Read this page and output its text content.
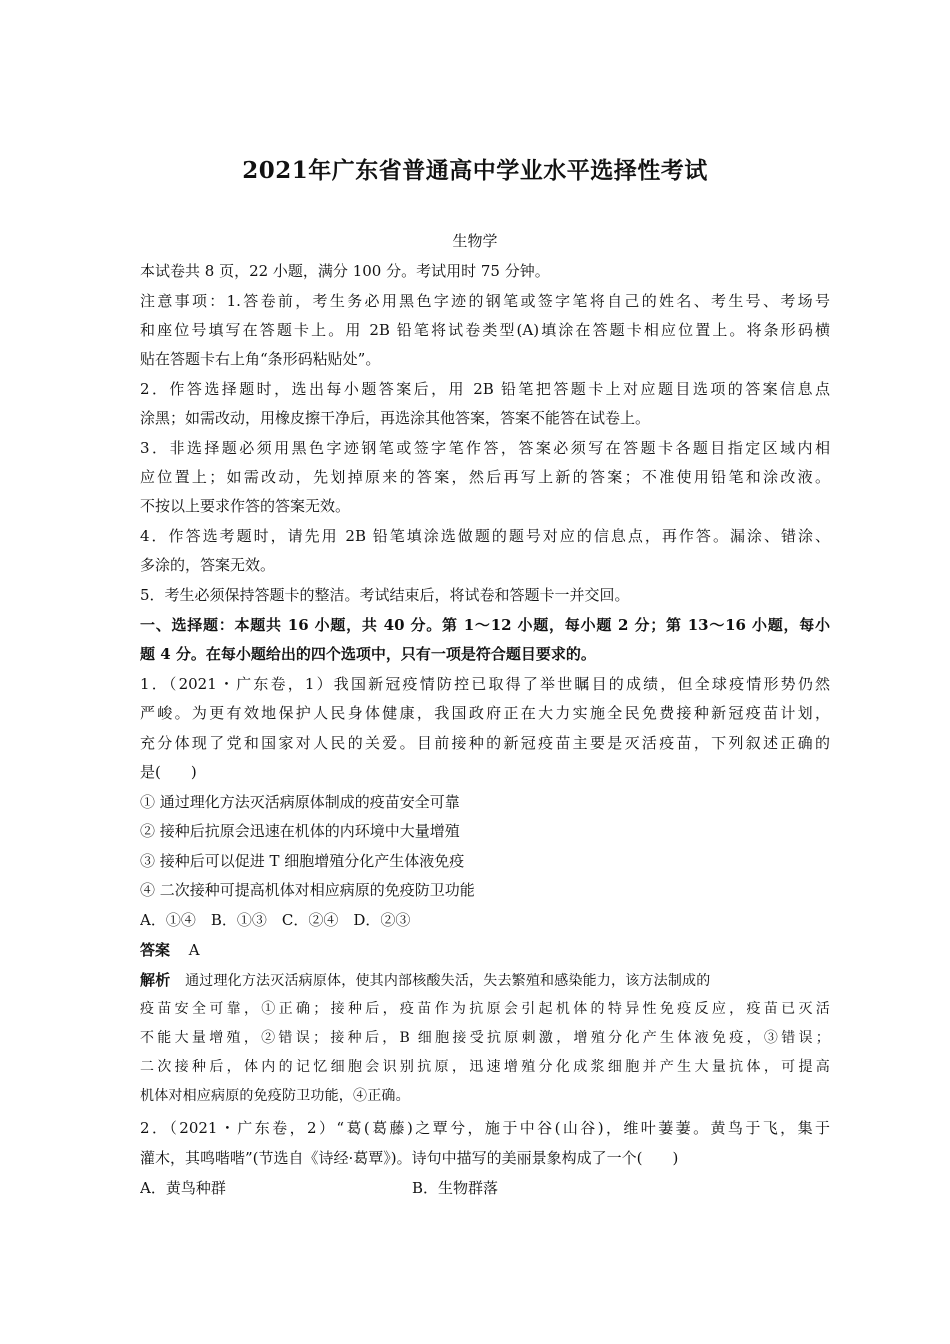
2021年广东省普通高中学业水平选择性考试
生物学
本试卷共 8 页，22 小题，满分 100 分。考试用时 75 分钟。
注意事项：1.答卷前，考生务必用黑色字迹的钢笔或签字笔将自己的姓名、考生号、考场号
和座位号填写在答题卡上。用 2B 铅笔将试卷类型(A)填涂在答题卡相应位置上。将条形码横
贴在答题卡右上角“条形码粘贴处”。
2．作答选择题时，选出每小题答案后，用 2B 铅笔把答题卡上对应题目选项的答案信息点
涂黑；如需改动，用橡皮擦干净后，再选涂其他答案，答案不能答在试卷上。
3．非选择题必须用黑色字迹钢笔或签字笔作答，答案必须写在答题卡各题目指定区域内相
应位置上；如需改动，先划掉原来的答案，然后再写上新的答案；不准使用铅笔和涂改液。
不按以上要求作答的答案无效。
4．作答选考题时，请先用 2B 铅笔填涂选做题的题号对应的信息点，再作答。漏涂、错涂、
多涂的，答案无效。
5．考生必须保持答题卡的整洁。考试结束后，将试卷和答题卡一并交回。
一、选择题：本题共 16 小题，共 40 分。第 1～12 小题，每小题 2 分；第 13～16 小题，每小
题 4 分。在每小题给出的四个选项中，只有一项是符合题目要求的。
1．（2021・广东卷，1）我国新冠疫情防控已取得了举世瞩目的成绩，但全球疫情形势仍然
严峻。为更有效地保护人民身体健康，我国政府正在大力实施全民免费接种新冠疫苗计划，
充分体现了党和国家对人民的关爱。目前接种的新冠疫苗主要是灭活疫苗，下列叙述正确的
是(　　)
① 通过理化方法灭活病原体制成的疫苗安全可靠
② 接种后抗原会迅速在机体的内环境中大量增殖
③ 接种后可以促进 T 细胞增殖分化产生体液免疫
④ 二次接种可提高机体对相应病原的免疫防卫功能
A．①④　B．①③　C．②④　D．②③
答案 A
解析 通过理化方法灭活病原体，使其内部核酸失活，失去繁殖和感染能力，该方法制成的
疫苗安全可靠，①正确；接种后，疫苗作为抗原会引起机体的特异性免疫反应，疫苗已灭活
不能大量增殖，②错误；接种后，B 细胞接受抗原刺激，增殖分化产生体液免疫，③错误；
二次接种后，体内的记忆细胞会识别抗原，迅速增殖分化成浆细胞并产生大量抗体，可提高
机体对相应病原的免疫防卫功能，④正确。
2．（2021・广东卷，2）“葛(葛藤)之覃兮，施于中谷(山谷)，维叶萋萋。黄鸟于飞，集于
灌木，其鸣喈喈”(节选自《诗经·葛覃》)。诗句中描写的美丽景象构成了一个(　　)
A．黄鸟种群	B．生物群落
